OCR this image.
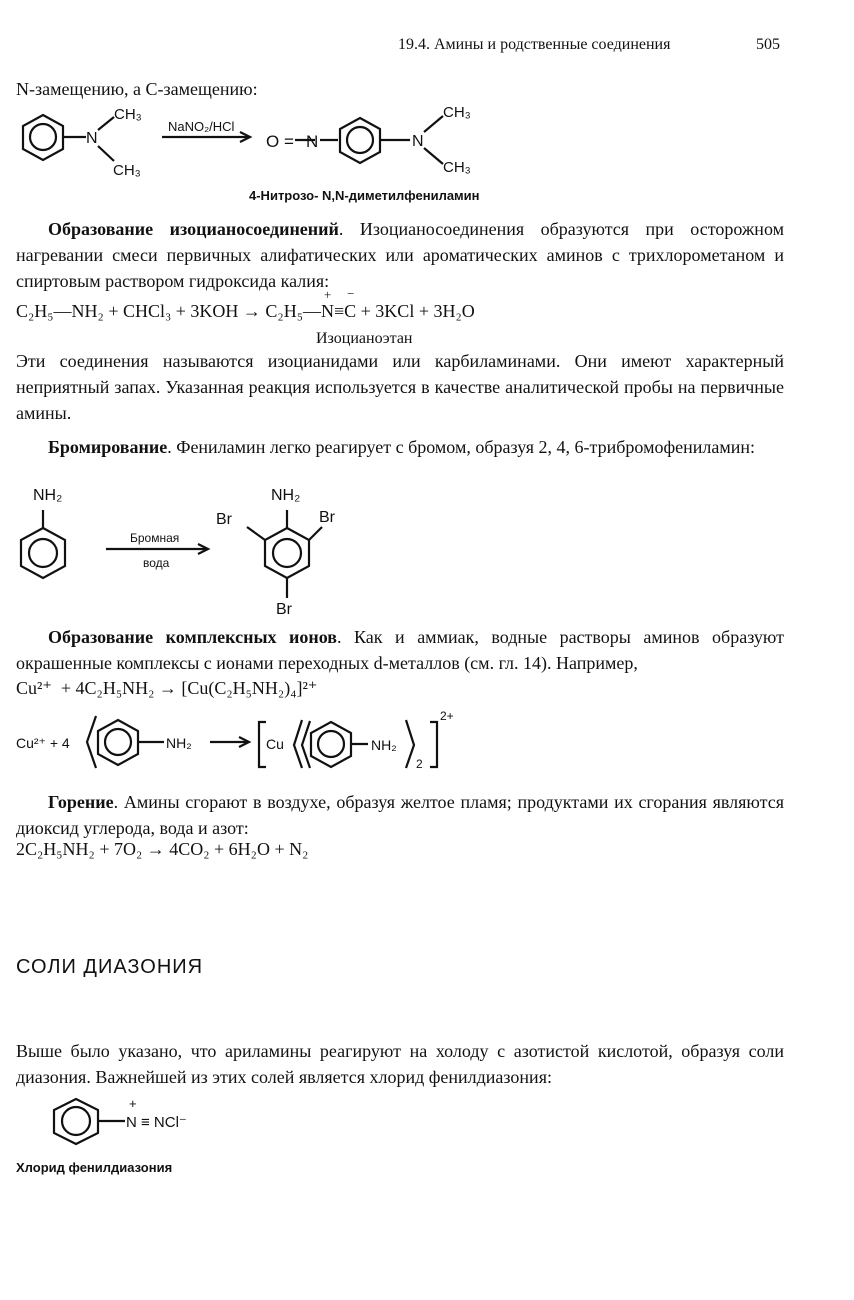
19.4. Амины и родственные соединения	505
N-замещению, а С-замещению:
N
CH₃
CH₃
NaNO₂/HCl
O = N	N
CH₃
CH₃
4-Нитрозо- N,N-диметилфениламин
Образование изоцианосоединений. Изоцианосоединения образуются при осторожном нагревании смеси первичных алифатических или ароматических аминов с трихлорометаном и спиртовым раствором гидроксида калия:
C₂H₅—NH₂ + CHCl₃ + 3KOH → C₂H₅—
+
N≡
−
C + 3KCl + 3H₂O
Изоцианоэтан
Эти соединения называются изоцианидами или карбиламинами. Они имеют характерный неприятный запах. Указанная реакция используется в качестве аналитической пробы на первичные амины.
Бромирование. Фениламин легко реагирует с бромом, образуя 2, 4, 6-трибромофениламин:
NH₂	NH₂
Br	Br
Br
Бромная
вода
Образование комплексных ионов. Как и аммиак, водные растворы аминов образуют окрашенные комплексы с ионами переходных d-металлов (см. гл. 14). Например,
Cu²⁺  + 4C₂H₅NH₂ → [Cu(C₂H₅NH₂)₄]²⁺
Cu²⁺ + 4	NH₂	Cu	NH₂
2
2+
Горение. Амины сгорают в воздухе, образуя желтое пламя; продуктами их сгорания являются диоксид углерода, вода и азот:
2C₂H₅NH₂ + 7O₂ → 4CO₂ + 6H₂O + N₂
СОЛИ ДИАЗОНИЯ
Выше было указано, что ариламины реагируют на холоду с азотистой кислотой, образуя соли диазония. Важнейшей из этих солей является хлорид фенилдиазония:
+
N ≡ NCl⁻
Хлорид фенилдиазония
